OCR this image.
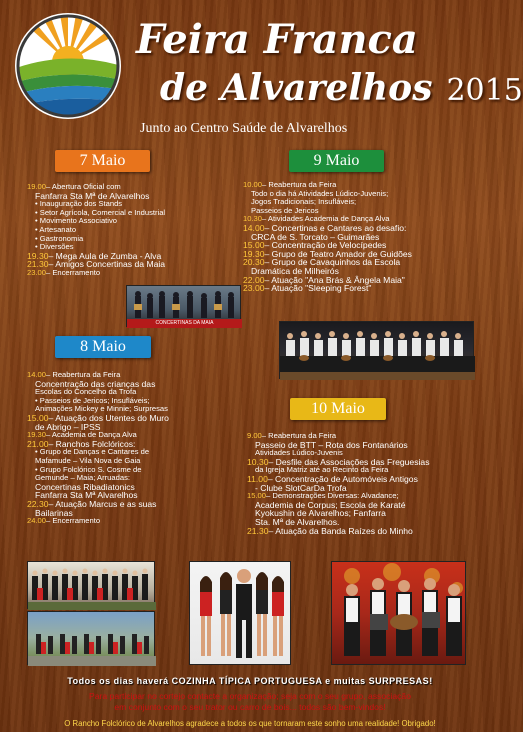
Feira Franca
de Alvarelhos 2015
Junto ao Centro Saúde de Alvarelhos
7 Maio	9 Maio
8 Maio
10 Maio
19.00– Abertura Oficial com
Fanfarra Sta Mª de Alvarelhos
• Inauguração dos Stands
• Setor Agrícola, Comercial e Industrial
• Movimento Associativo
• Artesanato
• Gastronomia
• Diversões
19.30– Mega Aula de Zumba - Alva
21.30– Amigos Concertinas da Maia
23.00– Encerramento
10.00– Reabertura da Feira
Todo o dia há Atividades Lúdico-Juvenis;
Jogos Tradicionais; Insufláveis;
Passeios de Jericos
10.30– Atividades Academia de Dança Alva
14.00– Concertinas e Cantares ao desafio:
CRCA de S. Torcato – Guimarães
15.00– Concentração de Velocípedes
19.30– Grupo de Teatro Amador de Guidões
20.30– Grupo de Cavaquinhos da Escola
Dramática de Milheirós
22.00– Atuação "Ana Brás & Ângela Maia"
23.00– Atuação "Sleeping Forest"
14.00– Reabertura da Feira
Concentração das crianças das
Escolas do Concelho da Trofa
• Passeios de Jericos; Insufláveis;
Animações Mickey e Minnie; Surpresas
15.00– Atuação dos Utentes do Muro
de Abrigo – IPSS
19.30– Academia de Dança Alva
21.00– Ranchos Folclóricos:
• Grupo de Danças e Cantares de
Mafamude – Vila Nova de Gaia
• Grupo Folclórico S. Cosme de
Gemunde – Maia; Arruadas:
Concertinas Ribadiatonics
Fanfarra Sta Mª Alvarelhos
22.30– Atuação Marcus e as suas
Bailarinas
24.00– Encerramento
9.00– Reabertura da Feira
Passeio de BTT – Rota dos Fontanários
Atividades Lúdico-Juvenis
10.30– Desfile das Associações das Freguesias
da Igreja Matriz até ao Recinto da Feira
11.00– Concentração de Automóveis Antigos
- Clube SlotCarDa Trofa
15.00– Demonstrações Diversas: Alvadance;
Academia de Corpus; Escola de Karaté
Kyokushin de Alvarelhos; Fanfarra
Sta. Mª de Alvarelhos.
21.30– Atuação da Banda Raízes do Minho
CONCERTINAS DA MAIA
Todos os dias haverá COZINHA TÍPICA PORTUGUESA e muitas SURPRESAS!
Para participar no cortejo contacte a organização; seja com o seu grupo, associação
em conjunto com o seu trator ou carro de bois... todos são bem-vindos!
O Rancho Folclórico de Alvarelhos agradece a todos os que tornaram este sonho uma realidade! Obrigado!
